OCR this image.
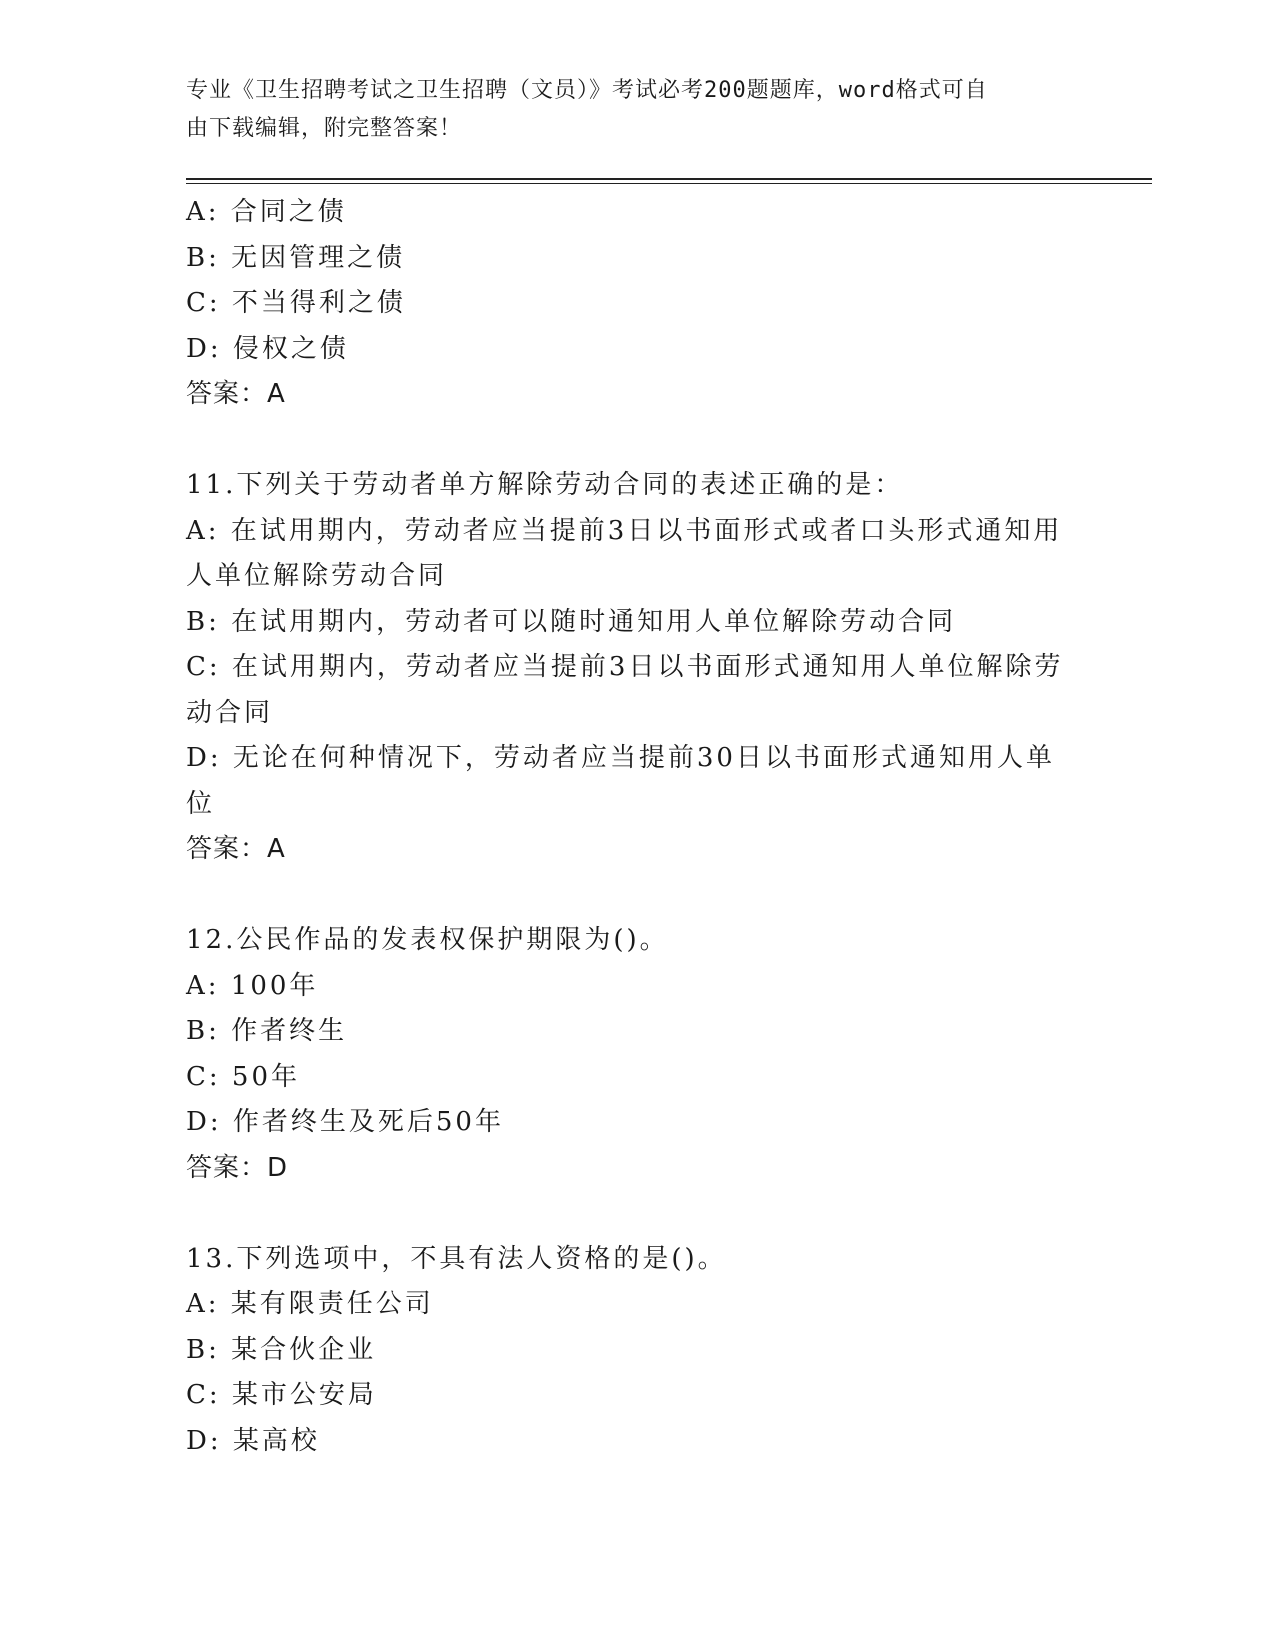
专业《卫生招聘考试之卫生招聘（文员）》考试必考200题题库，word格式可自
由下载编辑，附完整答案！
A: 合同之债
B: 无因管理之债
C: 不当得利之债
D: 侵权之债
答案：A
11.下列关于劳动者单方解除劳动合同的表述正确的是：
A: 在试用期内，劳动者应当提前3日以书面形式或者口头形式通知用
人单位解除劳动合同
B: 在试用期内，劳动者可以随时通知用人单位解除劳动合同
C: 在试用期内，劳动者应当提前3日以书面形式通知用人单位解除劳
动合同
D: 无论在何种情况下，劳动者应当提前30日以书面形式通知用人单
位
答案：A
12.公民作品的发表权保护期限为()。
A: 100年
B: 作者终生
C: 50年
D: 作者终生及死后50年
答案：D
13.下列选项中，不具有法人资格的是()。
A: 某有限责任公司
B: 某合伙企业
C: 某市公安局
D: 某高校
